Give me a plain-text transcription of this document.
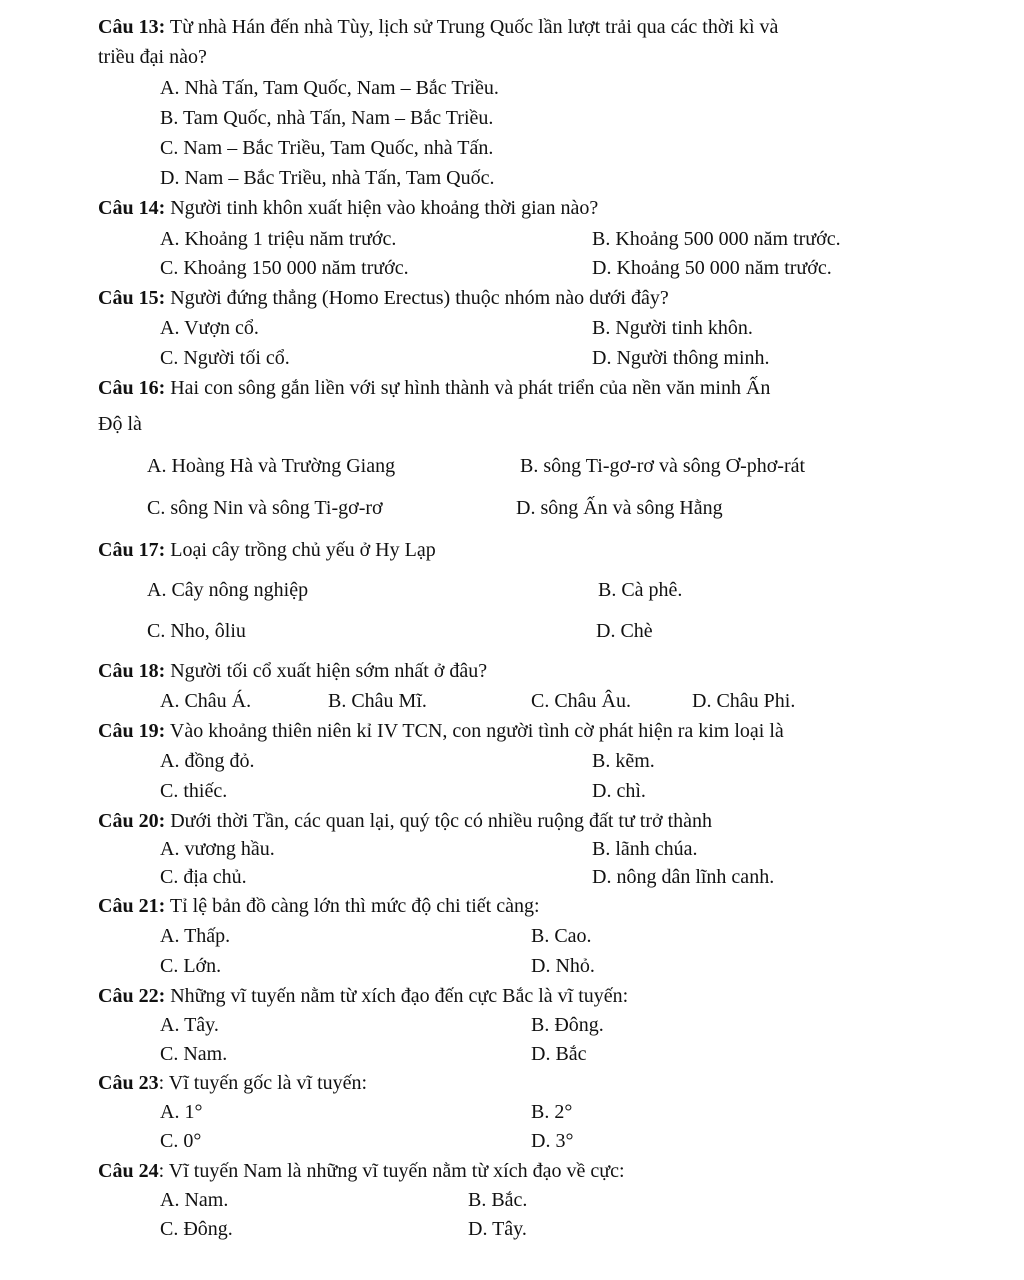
Câu 13: Từ nhà Hán đến nhà Tùy, lịch sử Trung Quốc lần lượt trải qua các thời kì và
triều đại nào?
A. Nhà Tấn, Tam Quốc, Nam – Bắc Triều.
B. Tam Quốc, nhà Tấn, Nam – Bắc Triều.
C. Nam – Bắc Triều, Tam Quốc, nhà Tấn.
D. Nam – Bắc Triều, nhà Tấn, Tam Quốc.
Câu 14: Người tinh khôn xuất hiện vào khoảng thời gian nào?
A. Khoảng 1 triệu năm trước.	B. Khoảng 500 000 năm trước.
C. Khoảng 150 000 năm trước.	D. Khoảng 50 000 năm trước.
Câu 15: Người đứng thẳng (Homo Erectus) thuộc nhóm nào dưới đây?
A. Vượn cổ.	B. Người tinh khôn.
C. Người tối cổ.	D. Người thông minh.
Câu 16: Hai con sông gắn liền với sự hình thành và phát triển của nền văn minh Ấn
Độ là
A. Hoàng Hà và Trường Giang	B. sông Ti-gơ-rơ và sông Ơ-phơ-rát
C. sông Nin và sông Ti-gơ-rơ	D. sông Ấn và sông Hằng
Câu 17: Loại cây trồng chủ yếu ở Hy Lạp
A. Cây nông nghiệp	B. Cà phê.
C. Nho, ôliu	D. Chè
Câu 18: Người tối cổ xuất hiện sớm nhất ở đâu?
A. Châu Á.	B. Châu Mĩ.	C. Châu Âu.	D. Châu Phi.
Câu 19: Vào khoảng thiên niên kỉ IV TCN, con người tình cờ phát hiện ra kim loại là
A. đồng đỏ.	B. kẽm.
C. thiếc.	D. chì.
Câu 20: Dưới thời Tần, các quan lại, quý tộc có nhiều ruộng đất tư trở thành
A. vương hầu.	B. lãnh chúa.
C. địa chủ.	D. nông dân lĩnh canh.
Câu 21: Tỉ lệ bản đồ càng lớn thì mức độ chi tiết càng:
A. Thấp.	B. Cao.
C. Lớn.	D. Nhỏ.
Câu 22: Những vĩ tuyến nằm từ xích đạo đến cực Bắc là vĩ tuyến:
A. Tây.	B. Đông.
C. Nam.	D. Bắc
Câu 23: Vĩ tuyến gốc là vĩ tuyến:
A. 1°	B. 2°
C. 0°	D. 3°
Câu 24: Vĩ tuyến Nam là những vĩ tuyến nằm từ xích đạo về cực:
A. Nam.	B. Bắc.
C. Đông.	D. Tây.
